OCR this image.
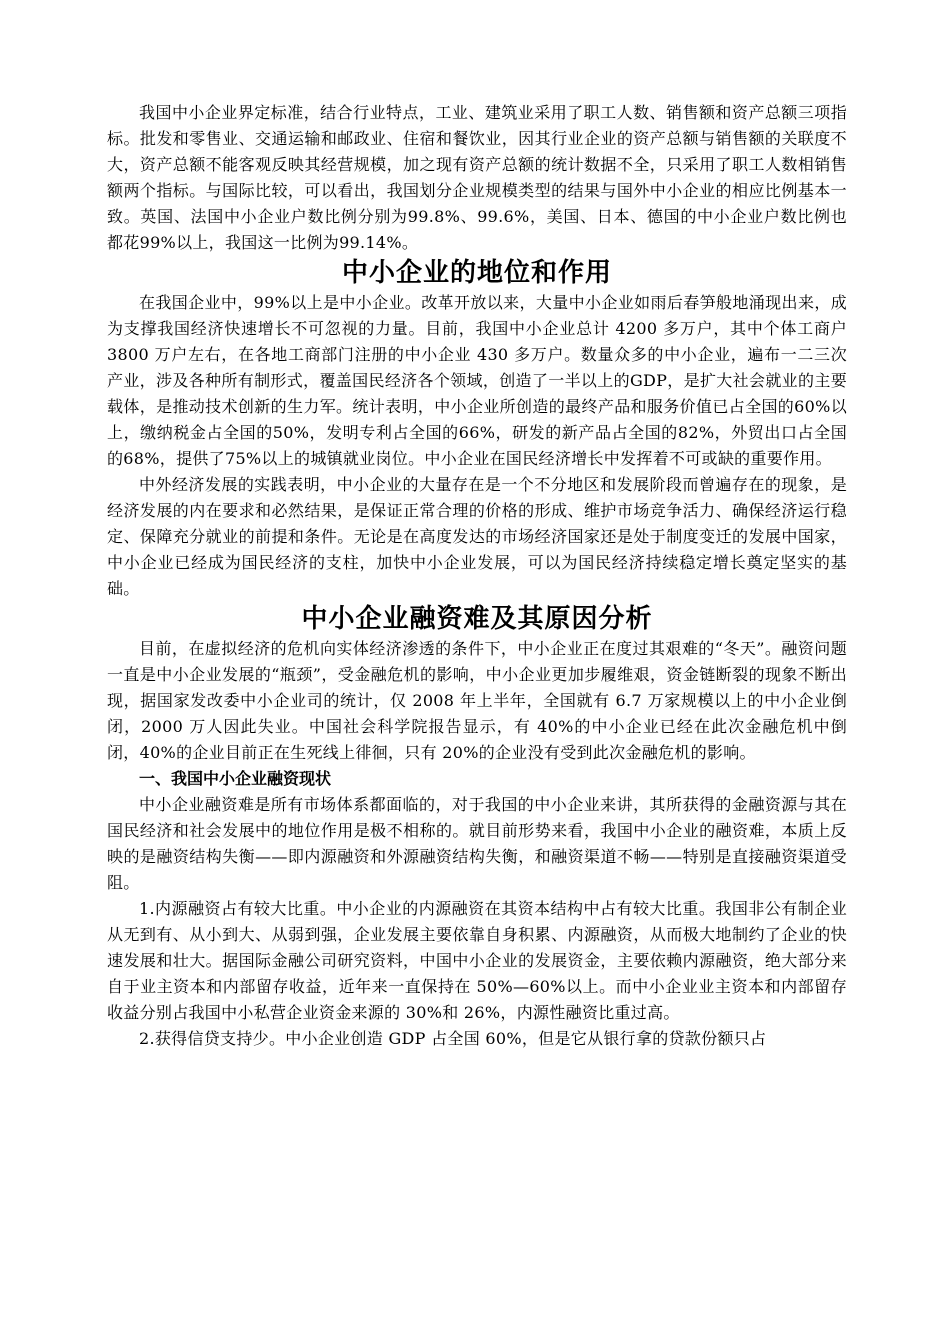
我国中小企业界定标准，结合行业特点，工业、建筑业采用了职工人数、销售额和资产总额三项指标。批发和零售业、交通运输和邮政业、住宿和餐饮业，因其行业企业的资产总额与销售额的关联度不大，资产总额不能客观反映其经营规模，加之现有资产总额的统计数据不全，只采用了职工人数相销售额两个指标。与国际比较，可以看出，我国划分企业规模类型的结果与国外中小企业的相应比例基本一致。英国、法国中小企业户数比例分别为99.8%、99.6%，美国、日本、德国的中小企业户数比例也都花99%以上，我国这一比例为99.14%。

中小企业的地位和作用

在我国企业中，99%以上是中小企业。改革开放以来，大量中小企业如雨后春笋般地涌现出来，成为支撑我国经济快速增长不可忽视的力量。目前，我国中小企业总计 4200 多万户，其中个体工商户 3800 万户左右，在各地工商部门注册的中小企业 430 多万户。数量众多的中小企业，遍布一二三次产业，涉及各种所有制形式，覆盖国民经济各个领域，创造了一半以上的GDP，是扩大社会就业的主要载体，是推动技术创新的生力军。统计表明，中小企业所创造的最终产品和服务价值已占全国的60%以上，缴纳税金占全国的50%，发明专利占全国的66%，研发的新产品占全国的82%，外贸出口占全国的68%，提供了75%以上的城镇就业岗位。中小企业在国民经济增长中发挥着不可或缺的重要作用。

中外经济发展的实践表明，中小企业的大量存在是一个不分地区和发展阶段而曾遍存在的现象，是经济发展的内在要求和必然结果，是保证正常合理的价格的形成、维护市场竞争活力、确保经济运行稳定、保障充分就业的前提和条件。无论是在高度发达的市场经济国家还是处于制度变迁的发展中国家，中小企业已经成为国民经济的支柱，加快中小企业发展，可以为国民经济持续稳定增长奠定坚实的基础。

中小企业融资难及其原因分析

目前，在虚拟经济的危机向实体经济渗透的条件下，中小企业正在度过其艰难的“冬天”。融资问题一直是中小企业发展的“瓶颈”，受金融危机的影响，中小企业更加步履维艰，资金链断裂的现象不断出现，据国家发改委中小企业司的统计，仅 2008 年上半年，全国就有 6.7 万家规模以上的中小企业倒闭，2000 万人因此失业。中国社会科学院报告显示，有 40%的中小企业已经在此次金融危机中倒闭，40%的企业目前正在生死线上徘徊，只有 20%的企业没有受到此次金融危机的影响。

一、我国中小企业融资现状

中小企业融资难是所有市场体系都面临的，对于我国的中小企业来讲，其所获得的金融资源与其在国民经济和社会发展中的地位作用是极不相称的。就目前形势来看，我国中小企业的融资难，本质上反映的是融资结构失衡——即内源融资和外源融资结构失衡，和融资渠道不畅——特别是直接融资渠道受阻。

1.内源融资占有较大比重。中小企业的内源融资在其资本结构中占有较大比重。我国非公有制企业从无到有、从小到大、从弱到强，企业发展主要依靠自身积累、内源融资，从而极大地制约了企业的快速发展和壮大。据国际金融公司研究资料，中国中小企业的发展资金，主要依赖内源融资，绝大部分来自于业主资本和内部留存收益，近年来一直保持在 50%—60%以上。而中小企业业主资本和内部留存收益分别占我国中小私营企业资金来源的 30%和 26%，内源性融资比重过高。

2.获得信贷支持少。中小企业创造 GDP 占全国 60%，但是它从银行拿的贷款份额只占
